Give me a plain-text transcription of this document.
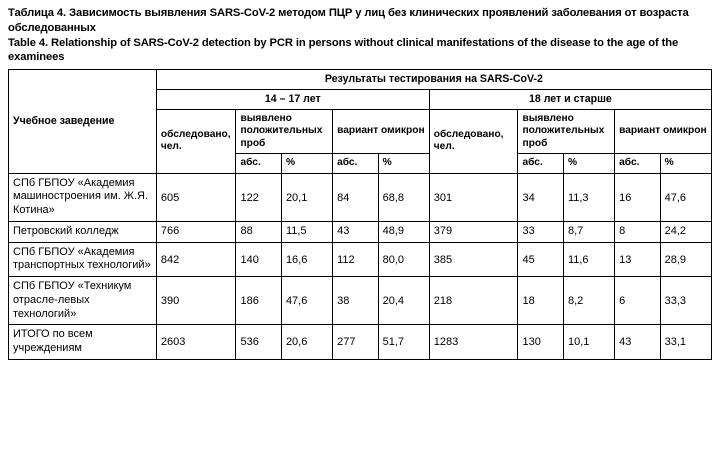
Таблица 4. Зависимость выявления SARS-CoV-2 методом ПЦР у лиц без клинических проявлений заболевания от возраста обследованных
Table 4. Relationship of SARS-CoV-2 detection by PCR in persons without clinical manifestations of the disease to the age of the examinees
Учебное заведение	Результаты тестирования на SARS-CoV-2									
	14 – 17 лет					18 лет и старше				
	обследовано, чел.	выявлено положительных проб		вариант омикрон		обследовано, чел.	выявлено положительных проб		вариант омикрон	
		абс.	%	абс.	%		абс.	%	абс.	%
СПб ГБПОУ «Академия машиностроения им. Ж.Я. Котина»	605	122	20,1	84	68,8	301	34	11,3	16	47,6
Петровский колледж	766	88	11,5	43	48,9	379	33	8,7	8	24,2
СПб ГБПОУ «Академия транспортных технологий»	842	140	16,6	112	80,0	385	45	11,6	13	28,9
СПб ГБПОУ «Техникум отрасле-левых технологий»	390	186	47,6	38	20,4	218	18	8,2	6	33,3
ИТОГО по всем учреждениям	2603	536	20,6	277	51,7	1283	130	10,1	43	33,1
